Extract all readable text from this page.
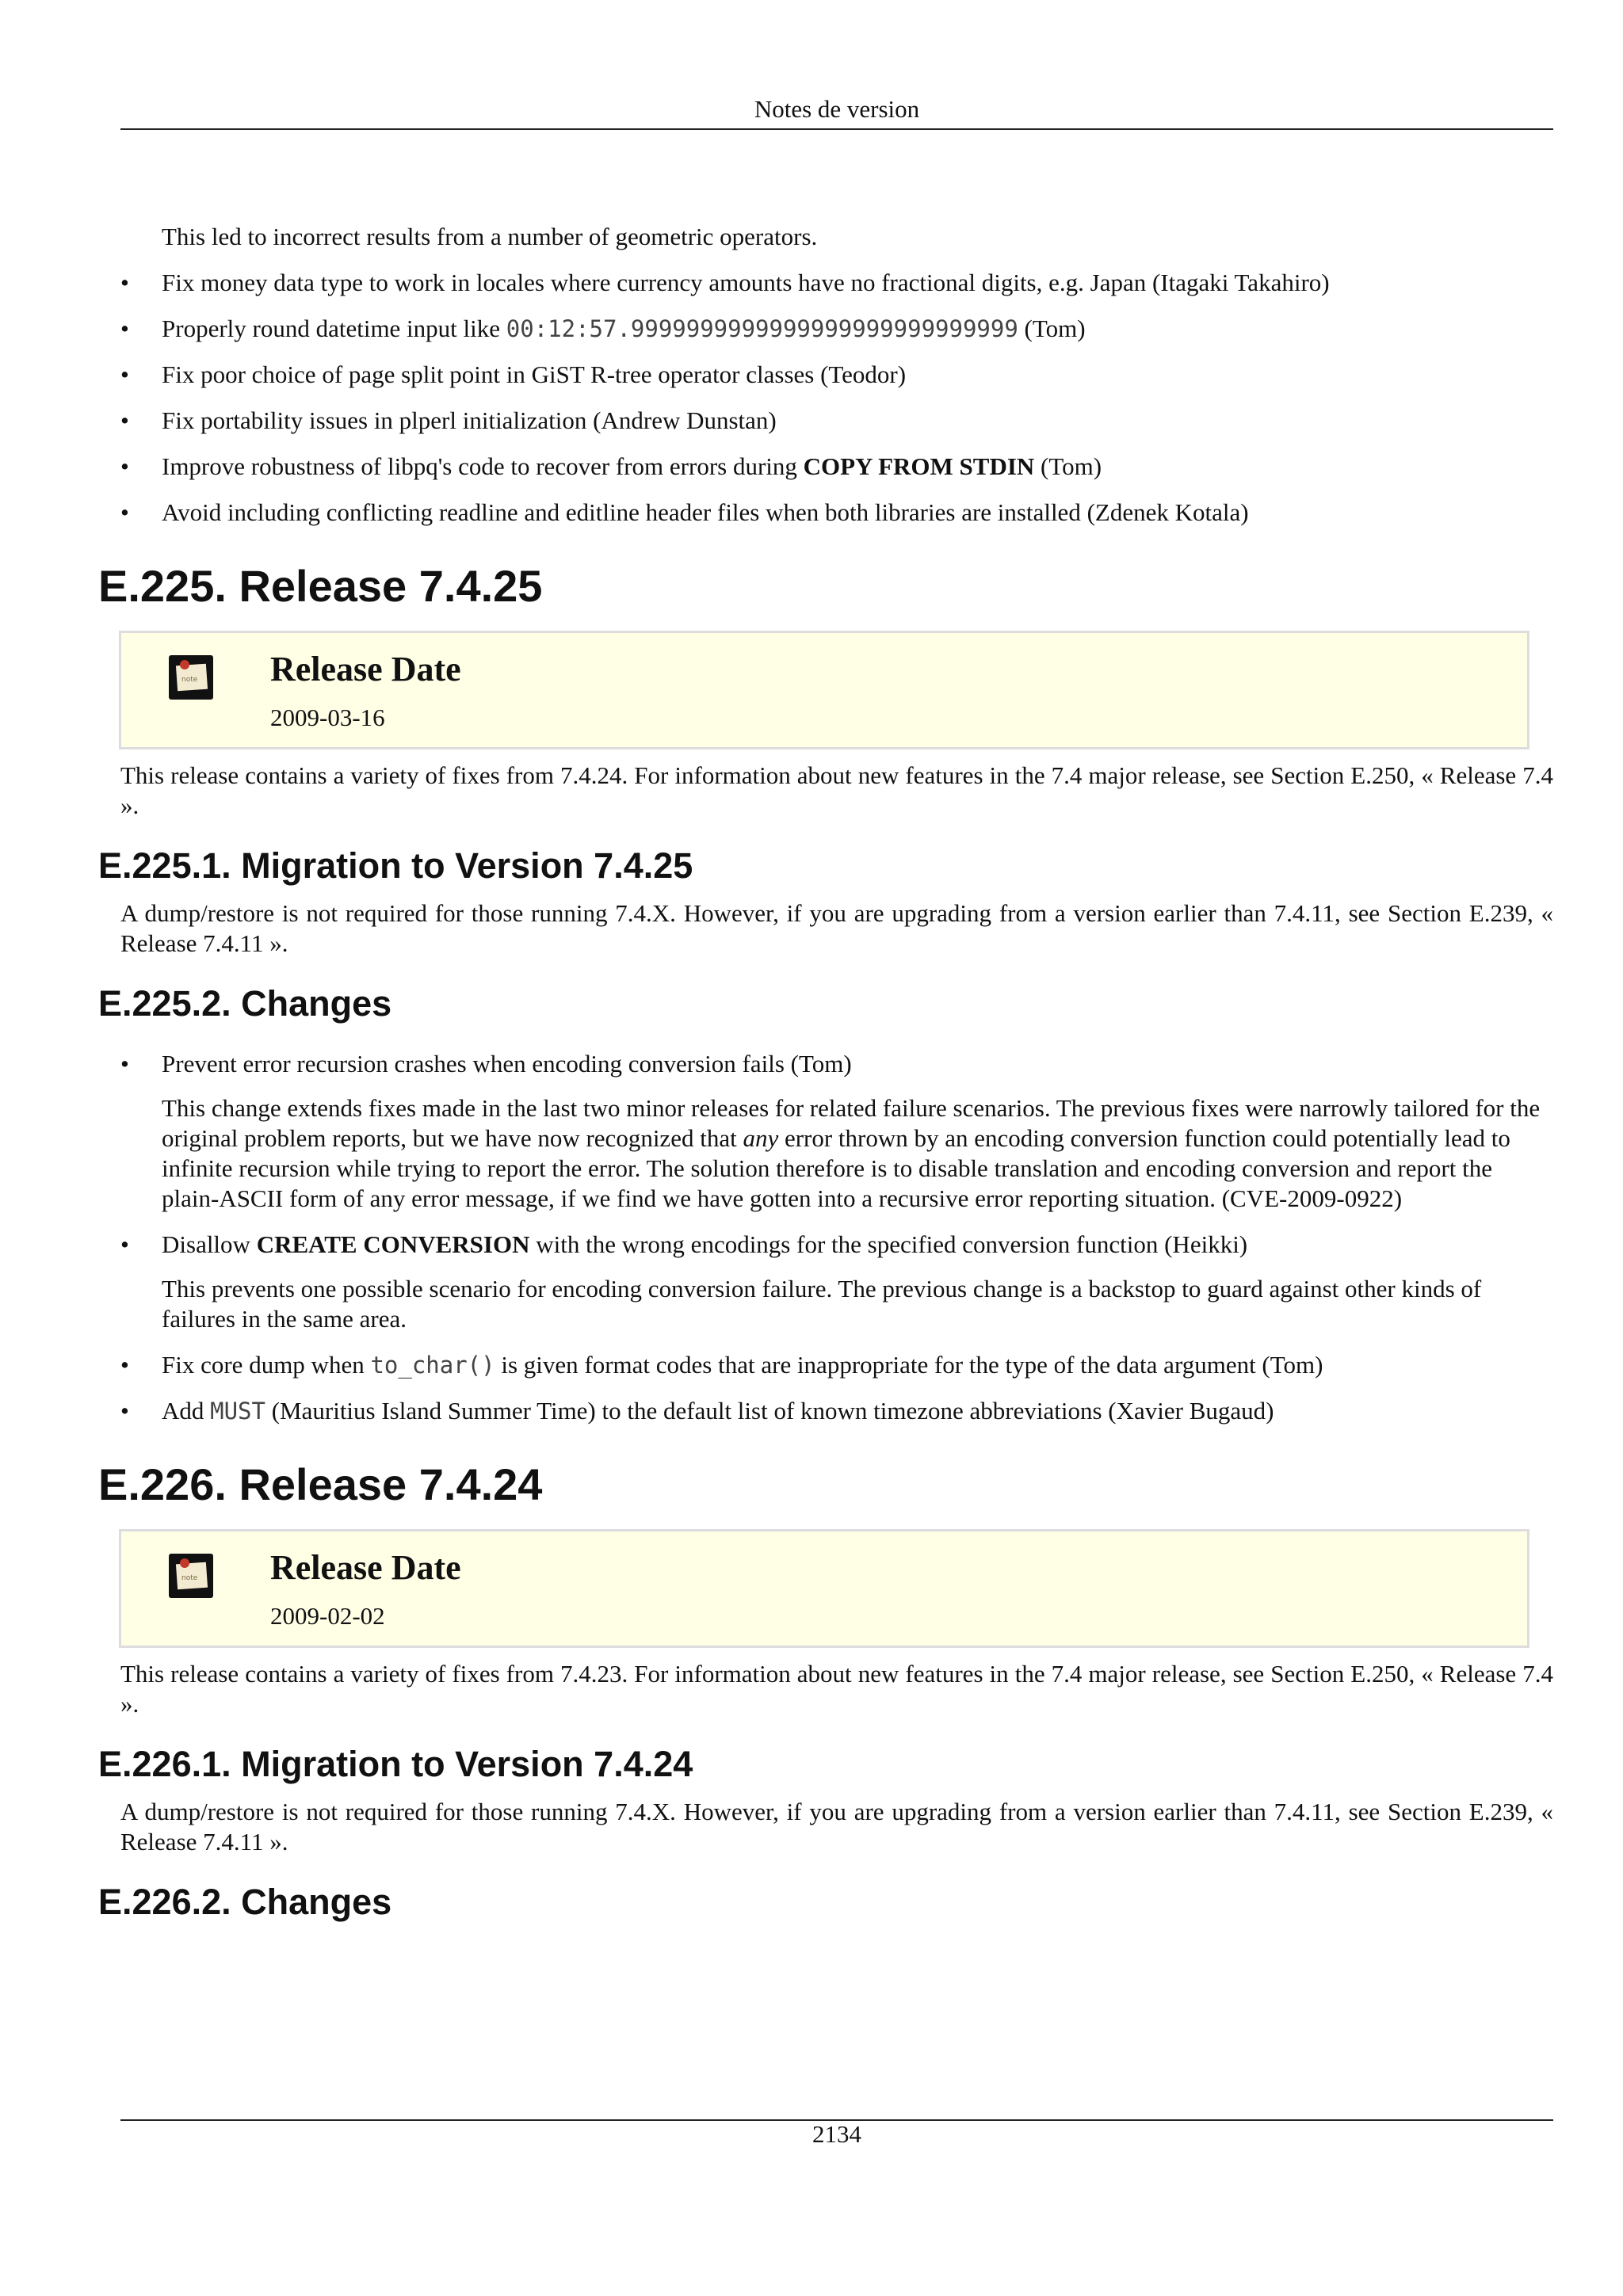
Notes de version

This led to incorrect results from a number of geometric operators.

• Fix money data type to work in locales where currency amounts have no fractional digits, e.g. Japan (Itagaki Takahiro)
• Properly round datetime input like 00:12:57.9999999999999999999999999999 (Tom)
• Fix poor choice of page split point in GiST R-tree operator classes (Teodor)
• Fix portability issues in plperl initialization (Andrew Dunstan)
• Improve robustness of libpq's code to recover from errors during COPY FROM STDIN (Tom)
• Avoid including conflicting readline and editline header files when both libraries are installed (Zdenek Kotala)
E.225. Release 7.4.25
note Release Date
2009-03-16

This release contains a variety of fixes from 7.4.24. For information about new features in the 7.4 major release, see Section E.250, « Release 7.4 ».

E.225.1. Migration to Version 7.4.25

A dump/restore is not required for those running 7.4.X. However, if you are upgrading from a version earlier than 7.4.11, see Section E.239, « Release 7.4.11 ».

E.225.2. Changes
• Prevent error recursion crashes when encoding conversion fails (Tom)
This change extends fixes made in the last two minor releases for related failure scenarios. The previous fixes were narrowly tailored for the original problem reports, but we have now recognized that any error thrown by an encoding conversion function could potentially lead to infinite recursion while trying to report the error. The solution therefore is to disable translation and encoding conversion and report the plain-ASCII form of any error message, if we find we have gotten into a recursive error reporting situation. (CVE-2009-0922)
• Disallow CREATE CONVERSION with the wrong encodings for the specified conversion function (Heikki)
This prevents one possible scenario for encoding conversion failure. The previous change is a backstop to guard against other kinds of failures in the same area.
• Fix core dump when to_char() is given format codes that are inappropriate for the type of the data argument (Tom)
• Add MUST (Mauritius Island Summer Time) to the default list of known timezone abbreviations (Xavier Bugaud)
E.226. Release 7.4.24
note Release Date
2009-02-02

This release contains a variety of fixes from 7.4.23. For information about new features in the 7.4 major release, see Section E.250, « Release 7.4 ».

E.226.1. Migration to Version 7.4.24

A dump/restore is not required for those running 7.4.X. However, if you are upgrading from a version earlier than 7.4.11, see Section E.239, « Release 7.4.11 ».

E.226.2. Changes
2134
